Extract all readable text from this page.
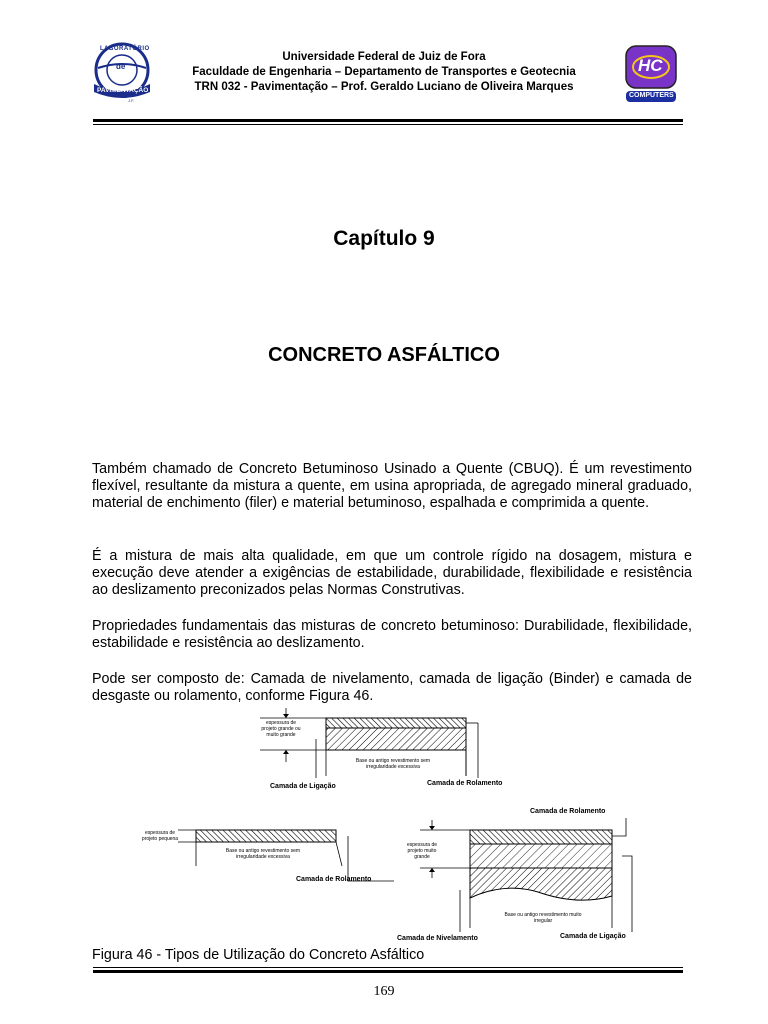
LABORATÓRIO
de
PAVIMENTAÇÃO
J.F.
Universidade Federal de Juiz de Fora
Faculdade de Engenharia – Departamento de Transportes e Geotecnia
TRN 032 - Pavimentação – Prof. Geraldo Luciano de Oliveira Marques
HC
COMPUTERS
Capítulo 9
CONCRETO ASFÁLTICO
Também chamado de Concreto Betuminoso Usinado a Quente (CBUQ). É um revestimento flexível, resultante da mistura a quente, em usina apropriada, de agregado mineral graduado, material de enchimento (filer) e material betuminoso, espalhada e comprimida a quente.
É a mistura de mais alta qualidade, em que um controle rígido na dosagem, mistura e execução deve atender a exigências de estabilidade, durabilidade, flexibilidade e resistência ao deslizamento preconizados pelas Normas Construtivas.
Propriedades fundamentais das misturas de concreto betuminoso: Durabilidade, flexibilidade, estabilidade e resistência ao deslizamento.
Pode ser composto de: Camada de nivelamento, camada de ligação (Binder) e camada de desgaste ou rolamento, conforme Figura 46.
espessura de projeto grande ou muito grande
Base ou antigo revestimento sem irregularidade excessiva
Camada de Ligação	Camada de Rolamento
espessura de projeto pequena
Base ou antigo revestimento sem irregularidade excessiva
Camada de Rolamento
Camada de Rolamento
espessura de projeto muito grande
Base ou antigo revestimento muito irregular
Camada de Nivelamento	Camada de Ligação
Figura 46 - Tipos de Utilização do Concreto Asfáltico
169
